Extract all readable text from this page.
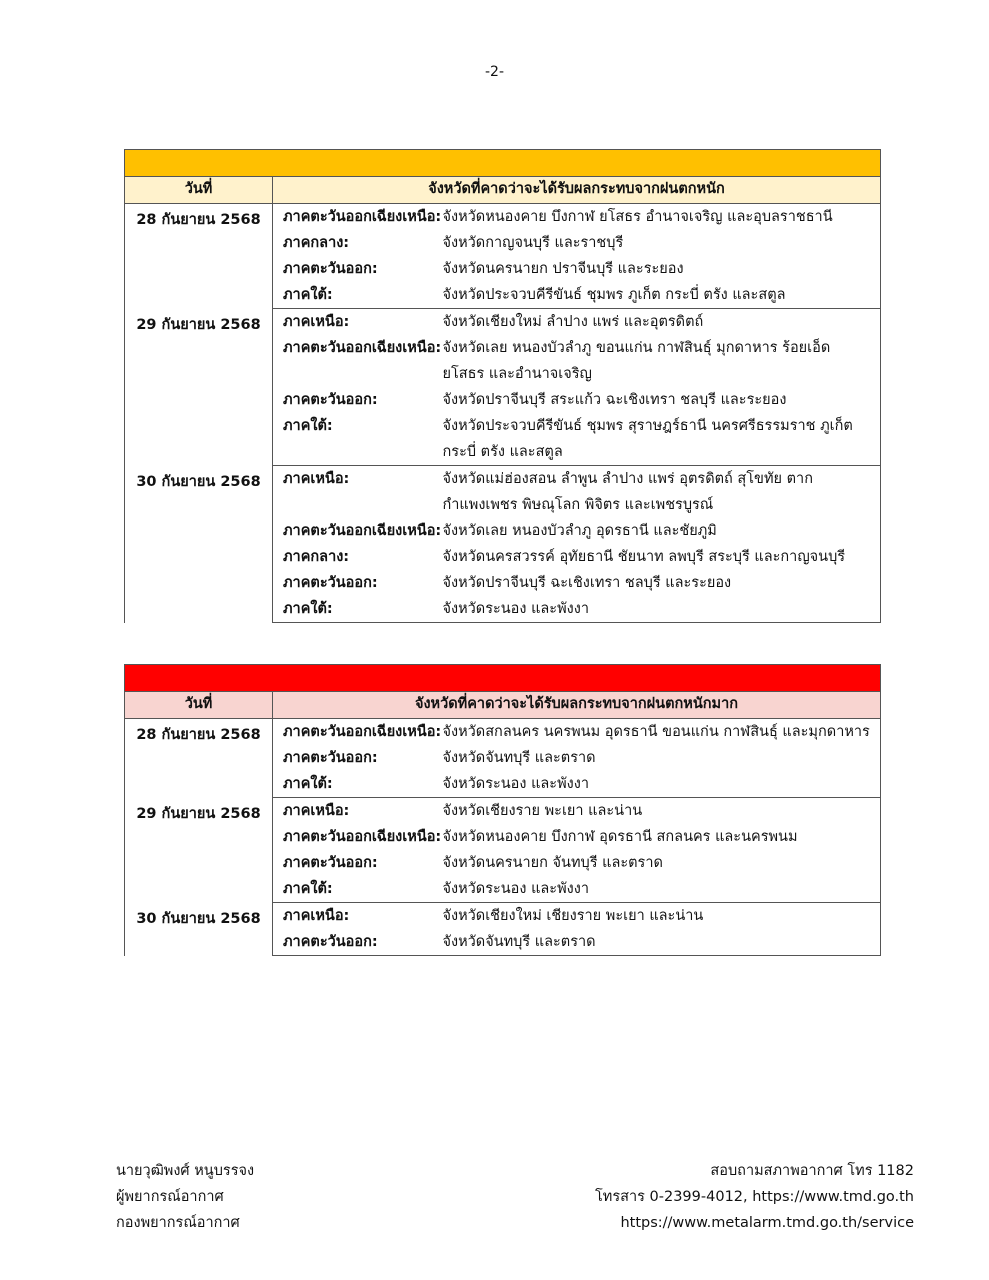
-2-

วันที่	จังหวัดที่คาดว่าจะได้รับผลกระทบจากฝนตกหนัก	
28 กันยายน 2568	ภาคตะวันออกเฉียงเหนือ:	จังหวัดหนองคาย บึงกาฬ ยโสธร อำนาจเจริญ และอุบลราชธานี

	ภาคกลาง:	จังหวัดกาญจนบุรี และราชบุรี

	ภาคตะวันออก:	จังหวัดนครนายก ปราจีนบุรี และระยอง

	ภาคใต้:	จังหวัดประจวบคีรีขันธ์ ชุมพร ภูเก็ต กระบี่ ตรัง และสตูล

29 กันยายน 2568	ภาคเหนือ:	จังหวัดเชียงใหม่ ลำปาง แพร่ และอุตรดิตถ์

	ภาคตะวันออกเฉียงเหนือ:	จังหวัดเลย หนองบัวลำภู ขอนแก่น กาฬสินธุ์ มุกดาหาร ร้อยเอ็ด
ยโสธร และอำนาจเจริญ

	ภาคตะวันออก:	จังหวัดปราจีนบุรี สระแก้ว ฉะเชิงเทรา ชลบุรี และระยอง

	ภาคใต้:	จังหวัดประจวบคีรีขันธ์ ชุมพร สุราษฎร์ธานี นครศรีธรรมราช ภูเก็ต
กระบี่ ตรัง และสตูล

30 กันยายน 2568	ภาคเหนือ:	จังหวัดแม่ฮ่องสอน ลำพูน ลำปาง แพร่ อุตรดิตถ์ สุโขทัย ตาก
กำแพงเพชร พิษณุโลก พิจิตร และเพชรบูรณ์

	ภาคตะวันออกเฉียงเหนือ:	จังหวัดเลย หนองบัวลำภู อุดรธานี และชัยภูมิ

	ภาคกลาง:	จังหวัดนครสวรรค์ อุทัยธานี ชัยนาท ลพบุรี สระบุรี และกาญจนบุรี

	ภาคตะวันออก:	จังหวัดปราจีนบุรี ฉะเชิงเทรา ชลบุรี และระยอง

	ภาคใต้:	จังหวัดระนอง และพังงา

วันที่	จังหวัดที่คาดว่าจะได้รับผลกระทบจากฝนตกหนักมาก	
28 กันยายน 2568	ภาคตะวันออกเฉียงเหนือ:	จังหวัดสกลนคร นครพนม อุดรธานี ขอนแก่น กาฬสินธุ์ และมุกดาหาร

	ภาคตะวันออก:	จังหวัดจันทบุรี และตราด

	ภาคใต้:	จังหวัดระนอง และพังงา

29 กันยายน 2568	ภาคเหนือ:	จังหวัดเชียงราย พะเยา และน่าน

	ภาคตะวันออกเฉียงเหนือ:	จังหวัดหนองคาย บึงกาฬ อุดรธานี สกลนคร และนครพนม

	ภาคตะวันออก:	จังหวัดนครนายก จันทบุรี และตราด

	ภาคใต้:	จังหวัดระนอง และพังงา

30 กันยายน 2568	ภาคเหนือ:	จังหวัดเชียงใหม่ เชียงราย พะเยา และน่าน

	ภาคตะวันออก:	จังหวัดจันทบุรี และตราด
นายวุฒิพงศ์ หนูบรรจง
ผู้พยากรณ์อากาศ
กองพยากรณ์อากาศ
สอบถามสภาพอากาศ โทร 1182
โทรสาร 0-2399-4012, https://www.tmd.go.th
https://www.metalarm.tmd.go.th/service
